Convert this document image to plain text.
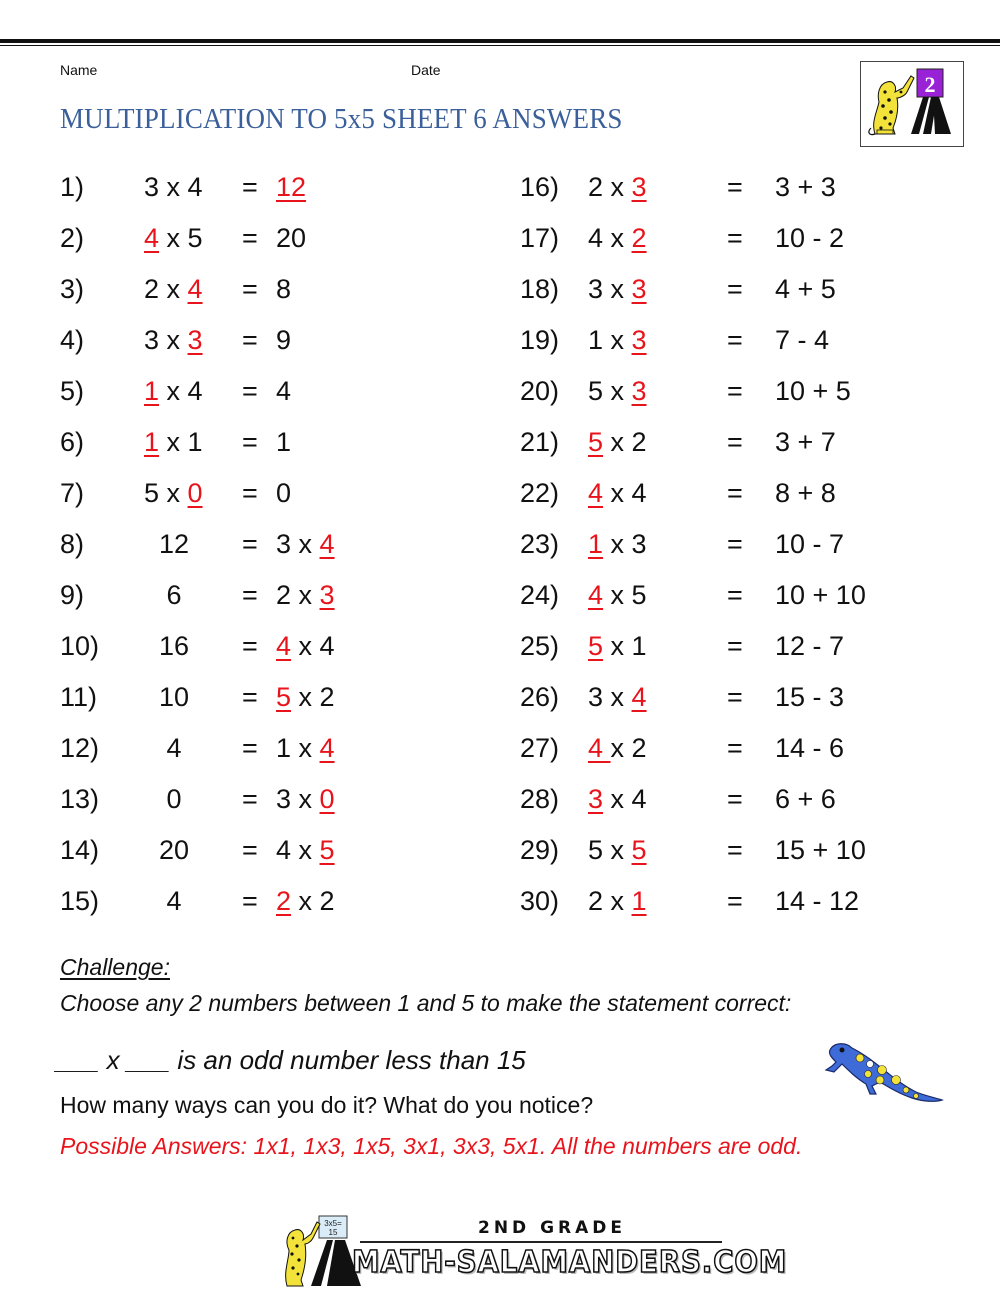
Name	Date
MULTIPLICATION TO 5x5 SHEET 6 ANSWERS
2
1) 3 x 4 = 12
2) 4 x 5 = 20
3) 2 x 4 = 8
4) 3 x 3 = 9
5) 1 x 4 = 4
6) 1 x 1 = 1
7) 5 x 0 = 0
8)	12	= 3 x 4
9)	6	= 2 x 3
10)	16	= 4 x 4
11)	10	= 5 x 2
12)	4	= 1 x 4
13)	0	= 3 x 0
14)	20	= 4 x 5
15)	4	= 2 x 2
16) 2 x 3	= 3 + 3
17) 4 x 2	= 10 - 2
18) 3 x 3	= 4 + 5
19) 1 x 3	= 7 - 4
20) 5 x 3	= 10 + 5
21) 5 x 2	= 3 + 7
22) 4 x 4	= 8 + 8
23) 1 x 3	= 10 - 7
24) 4 x 5	= 10 + 10
25) 5 x 1	= 12 - 7
26) 3 x 4	= 15 - 3
27) 4 x 2	= 14 - 6
28) 3 x 4	= 6 + 6
29) 5 x 5	= 15 + 10
30) 2 x 1	= 14 - 12
Challenge:
Choose any 2 numbers between 1 and 5 to make the statement correct:
___ x ___ is an odd number less than 15
How many ways can you do it? What do you notice?
Possible Answers: 1x1, 1x3, 1x5, 3x1, 3x3, 5x1. All the numbers are odd.
3x5=
15	2ND GRADE
MATH-SALAMANDERS.COM
